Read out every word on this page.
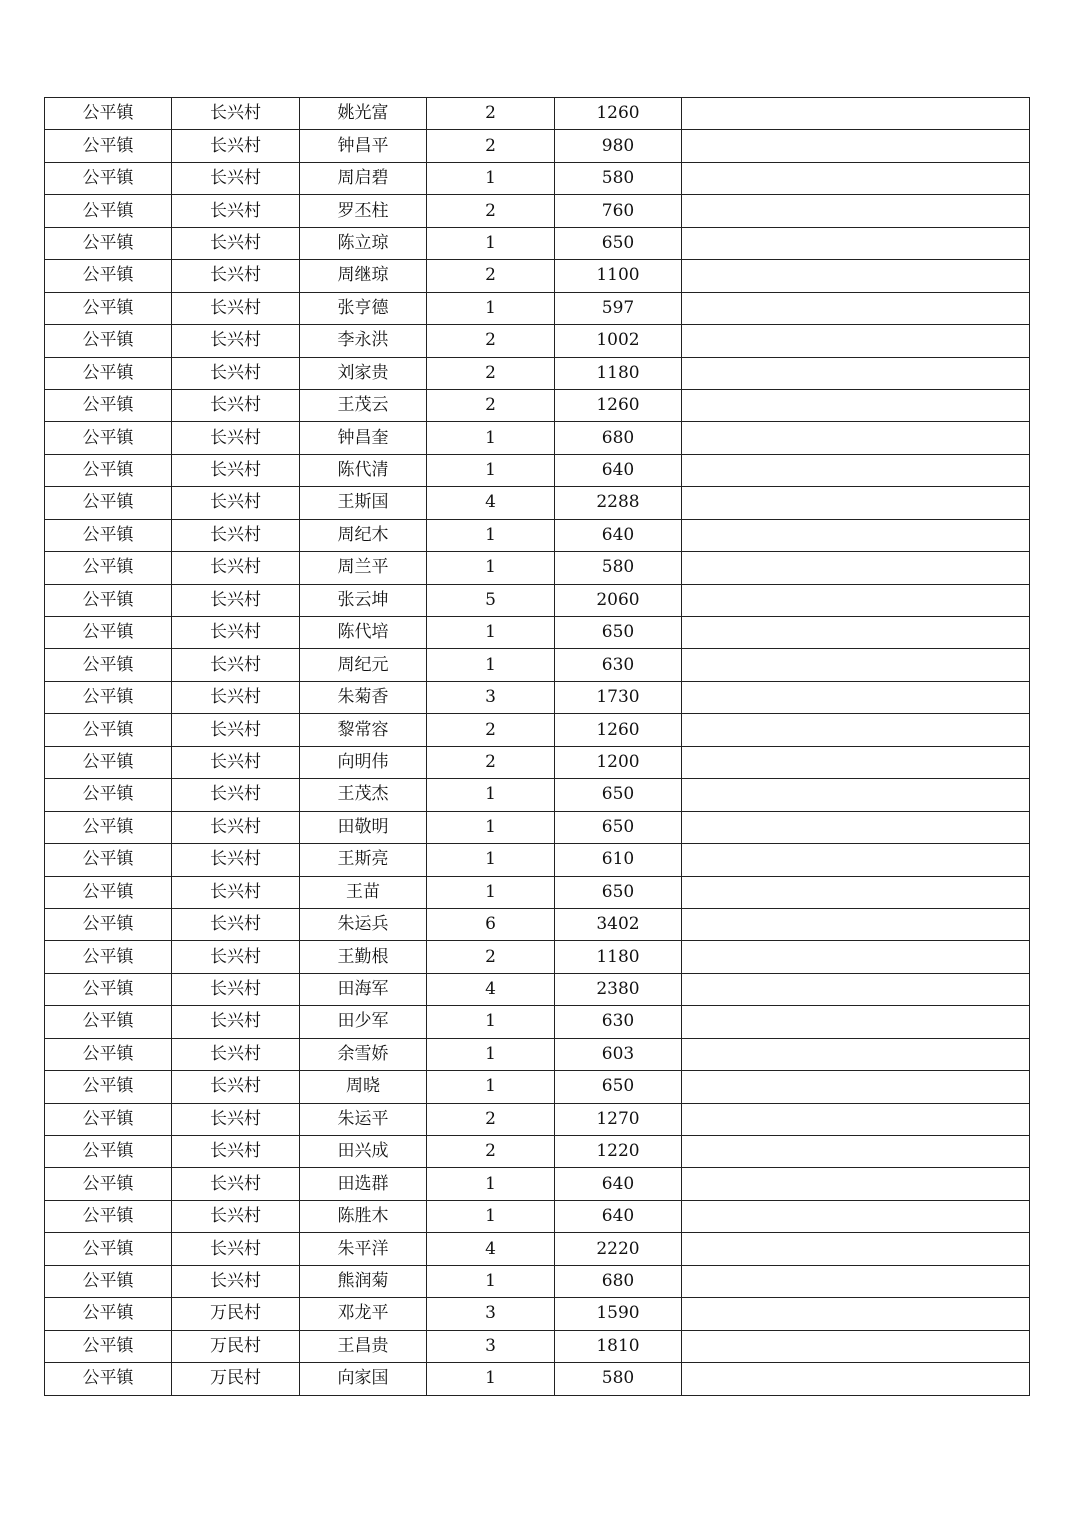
公平镇	长兴村	姚光富	2	1260	
公平镇	长兴村	钟昌平	2	980	
公平镇	长兴村	周启碧	1	580	
公平镇	长兴村	罗丕柱	2	760	
公平镇	长兴村	陈立琼	1	650	
公平镇	长兴村	周继琼	2	1100	
公平镇	长兴村	张亨德	1	597	
公平镇	长兴村	李永洪	2	1002	
公平镇	长兴村	刘家贵	2	1180	
公平镇	长兴村	王茂云	2	1260	
公平镇	长兴村	钟昌奎	1	680	
公平镇	长兴村	陈代清	1	640	
公平镇	长兴村	王斯国	4	2288	
公平镇	长兴村	周纪木	1	640	
公平镇	长兴村	周兰平	1	580	
公平镇	长兴村	张云坤	5	2060	
公平镇	长兴村	陈代培	1	650	
公平镇	长兴村	周纪元	1	630	
公平镇	长兴村	朱菊香	3	1730	
公平镇	长兴村	黎常容	2	1260	
公平镇	长兴村	向明伟	2	1200	
公平镇	长兴村	王茂杰	1	650	
公平镇	长兴村	田敬明	1	650	
公平镇	长兴村	王斯亮	1	610	
公平镇	长兴村	王苗	1	650	
公平镇	长兴村	朱运兵	6	3402	
公平镇	长兴村	王勤根	2	1180	
公平镇	长兴村	田海军	4	2380	
公平镇	长兴村	田少军	1	630	
公平镇	长兴村	余雪娇	1	603	
公平镇	长兴村	周晓	1	650	
公平镇	长兴村	朱运平	2	1270	
公平镇	长兴村	田兴成	2	1220	
公平镇	长兴村	田选群	1	640	
公平镇	长兴村	陈胜木	1	640	
公平镇	长兴村	朱平洋	4	2220	
公平镇	长兴村	熊润菊	1	680	
公平镇	万民村	邓龙平	3	1590	
公平镇	万民村	王昌贵	3	1810	
公平镇	万民村	向家国	1	580	
